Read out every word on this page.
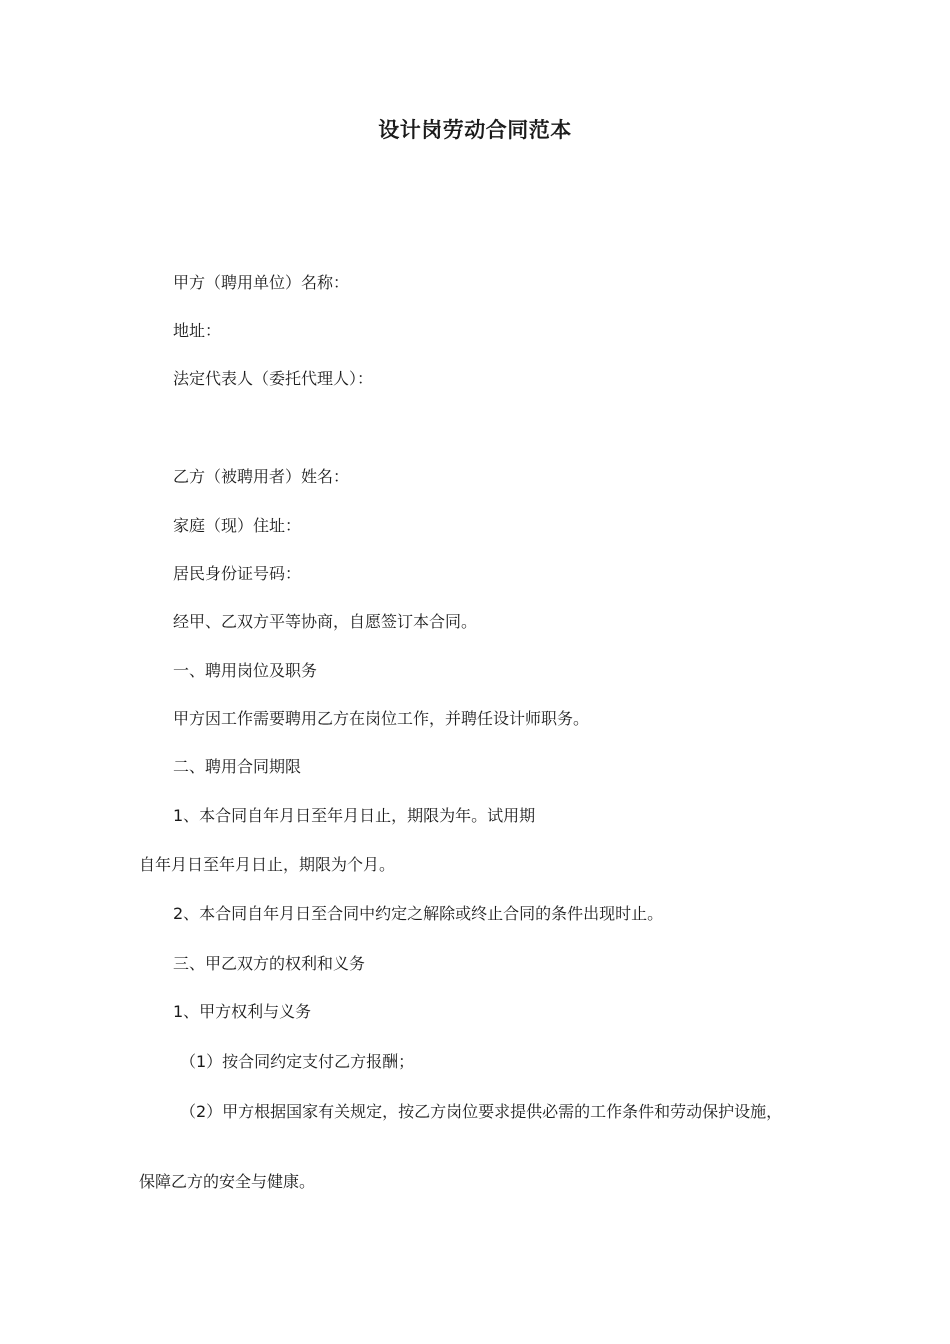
设计岗劳动合同范本
甲方（聘用单位）名称：
地址：
法定代表人（委托代理人）：
乙方（被聘用者）姓名：
家庭（现）住址：
居民身份证号码：
经甲、乙双方平等协商，自愿签订本合同。
一、聘用岗位及职务
甲方因工作需要聘用乙方在岗位工作，并聘任设计师职务。
二、聘用合同期限
1、本合同自年月日至年月日止，期限为年。试用期
自年月日至年月日止，期限为个月。
2、本合同自年月日至合同中约定之解除或终止合同的条件出现时止。
三、甲乙双方的权利和义务
1、甲方权利与义务
（1）按合同约定支付乙方报酬；
（2）甲方根据国家有关规定，按乙方岗位要求提供必需的工作条件和劳动保护设施，
保障乙方的安全与健康。
